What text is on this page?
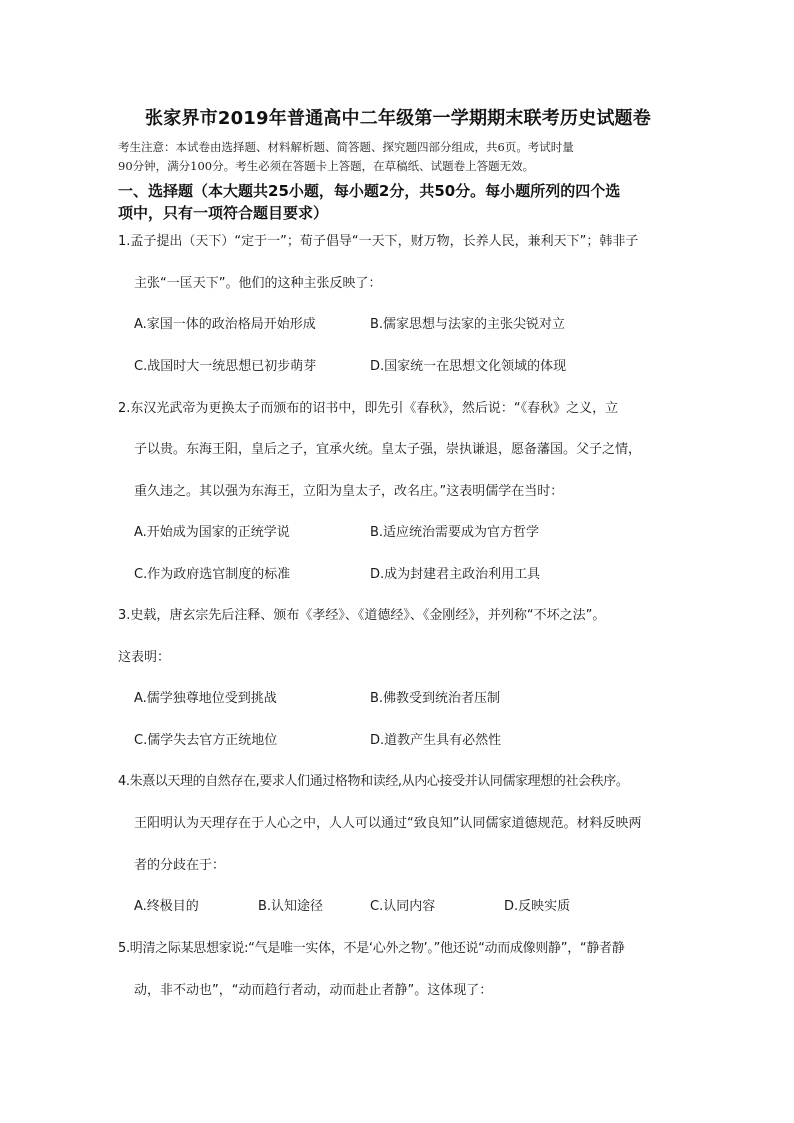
张家界市2019年普通高中二年级第一学期期末联考历史试题卷
考生注意：本试卷由选择题、材料解析题、简答题、探究题四部分组成，共6页。考试时量
90分钟，满分100分。考生必须在答题卡上答题，在草稿纸、试题卷上答题无效。
一、选择题（本大题共25小题，每小题2分，共50分。每小题所列的四个选
项中，只有一项符合题目要求）
1.孟子提出（天下）“定于一”；荀子倡导“一天下，财万物，长养人民，兼利天下”；韩非子
主张“一匡天下”。他们的这种主张反映了：
A.家国一体的政治格局开始形成	B.儒家思想与法家的主张尖锐对立
C.战国时大一统思想已初步萌芽	D.国家统一在思想文化领域的体现
2.东汉光武帝为更换太子而颁布的诏书中，即先引《春秋》，然后说：“《春秋》之义，立
子以贵。东海王阳，皇后之子，宜承火统。皇太子强，崇执谦退，愿备藩国。父子之情，
重久违之。其以强为东海王，立阳为皇太子，改名庄。”这表明儒学在当时：
A.开始成为国家的正统学说	B.适应统治需要成为官方哲学
C.作为政府选官制度的标准	D.成为封建君主政治利用工具
3.史载，唐玄宗先后注释、颁布《孝经》、《道德经》、《金刚经》，并列称“不坏之法”。
这表明：
A.儒学独尊地位受到挑战	B.佛教受到统治者压制
C.儒学失去官方正统地位	D.道教产生具有必然性
4.朱熹以天理的自然存在,要求人们通过格物和读经,从内心接受并认同儒家理想的社会秩序。
王阳明认为天理存在于人心之中，人人可以通过“致良知”认同儒家道德规范。材料反映两
者的分歧在于：
A.终极目的	B.认知途径	C.认同内容	D.反映实质
5.明清之际某思想家说:“气是唯一实体，不是‘心外之物’。”他还说“动而成像则静”，“静者静
动，非不动也”，“动而趋行者动，动而赴止者静”。这体现了：
